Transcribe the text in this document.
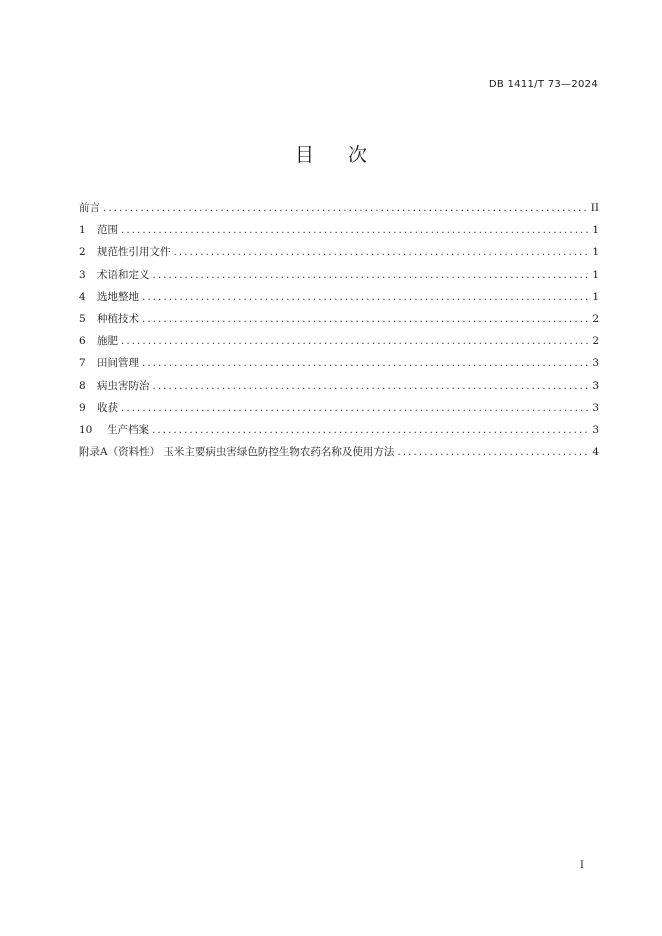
DB 1411/T 73—2024
目次
前言 .....	II
1	范围 .....	1
2	规范性引用文件 .....	1
3	术语和定义 .....	1
4	选地整地 .....	1
5	种植技术 .....	2
6	施肥 .....	2
7	田间管理 .....	3
8	病虫害防治 .....	3
9	收获 .....	3
10	生产档案 .....	3
附录A（资料性） 玉米主要病虫害绿色防控生物农药名称及使用方法 .....	4
I
